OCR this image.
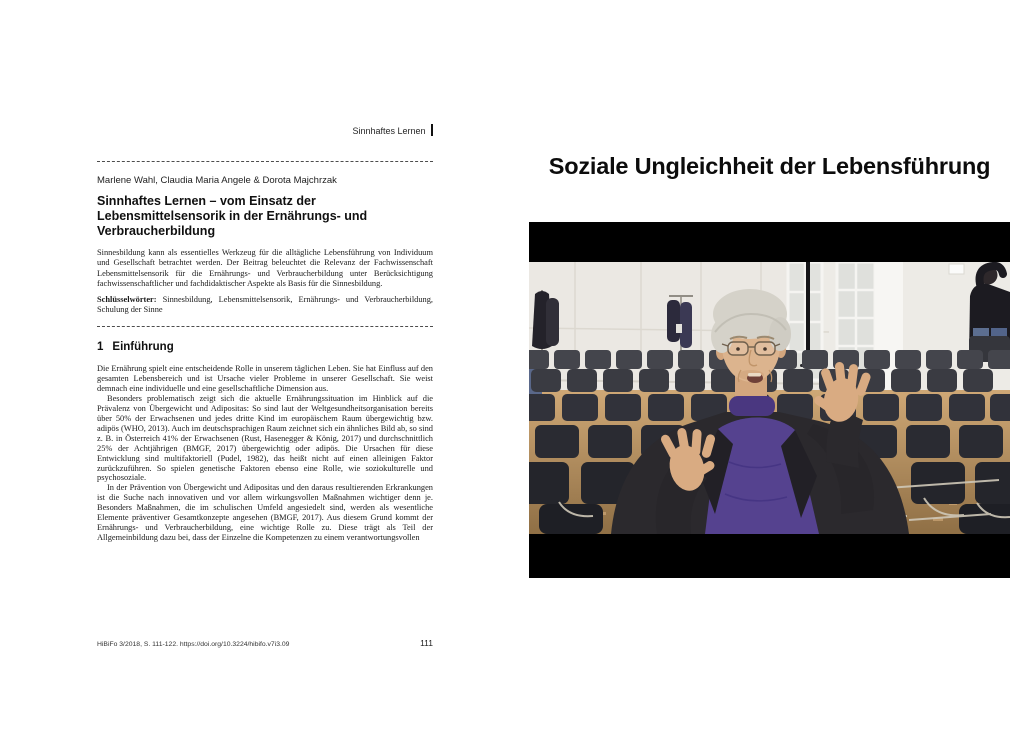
Sinnhaftes Lernen
Marlene Wahl, Claudia Maria Angele & Dorota Majchrzak
Sinnhaftes Lernen – vom Einsatz der
Lebensmittelsensorik in der Ernährungs- und
Verbraucherbildung

Sinnesbildung kann als essentielles Werkzeug für die alltägliche Lebensführung von Individuum und Gesellschaft betrachtet werden. Der Beitrag beleuchtet die Relevanz der Fachwissenschaft Lebensmittelsensorik für die Ernährungs- und Verbraucherbildung unter Berücksichtigung fachwissenschaftlicher und fachdidaktischer Aspekte als Basis für die Sinnesbildung.

Schlüsselwörter: Sinnesbildung, Lebensmittelsensorik, Ernährungs- und Verbraucherbildung, Schulung der Sinne

1 Einführung

Die Ernährung spielt eine entscheidende Rolle in unserem täglichen Leben. Sie hat Einfluss auf den gesamten Lebensbereich und ist Ursache vieler Probleme in unserer Gesellschaft. Sie weist demnach eine individuelle und eine gesellschaftliche Dimension aus.

Besonders problematisch zeigt sich die aktuelle Ernährungssituation im Hinblick auf die Prävalenz von Übergewicht und Adipositas: So sind laut der Weltgesundheitsorganisation bereits über 50% der Erwachsenen und jedes dritte Kind im europäischem Raum übergewichtig bzw. adipös (WHO, 2013). Auch im deutschsprachigen Raum zeichnet sich ein ähnliches Bild ab, so sind z. B. in Österreich 41% der Erwachsenen (Rust, Hasenegger & König, 2017) und durchschnittlich 25% der Achtjährigen (BMGF, 2017) übergewichtig oder adipös. Die Ursachen für diese Entwicklung sind multifaktoriell (Pudel, 1982), das heißt nicht auf einen alleinigen Faktor zurückzuführen. So spielen genetische Faktoren ebenso eine Rolle, wie soziokulturelle und psychosoziale.

In der Prävention von Übergewicht und Adipositas und den daraus resultierenden Erkrankungen ist die Suche nach innovativen und vor allem wirkungsvollen Maßnahmen wichtiger denn je. Besonders Maßnahmen, die im schulischen Umfeld angesiedelt sind, werden als wesentliche Elemente präventiver Gesamtkonzepte angesehen (BMGF, 2017). Aus diesem Grund kommt der Ernährungs- und Verbraucherbildung, eine wichtige Rolle zu. Diese trägt als Teil der Allgemeinbildung dazu bei, dass der Einzelne die Kompetenzen zu einem verantwortungsvollen

HiBiFo 3/2018, S. 111-122. https://doi.org/10.3224/hibifo.v7i3.09	111
Soziale Ungleichheit der Lebensführung
